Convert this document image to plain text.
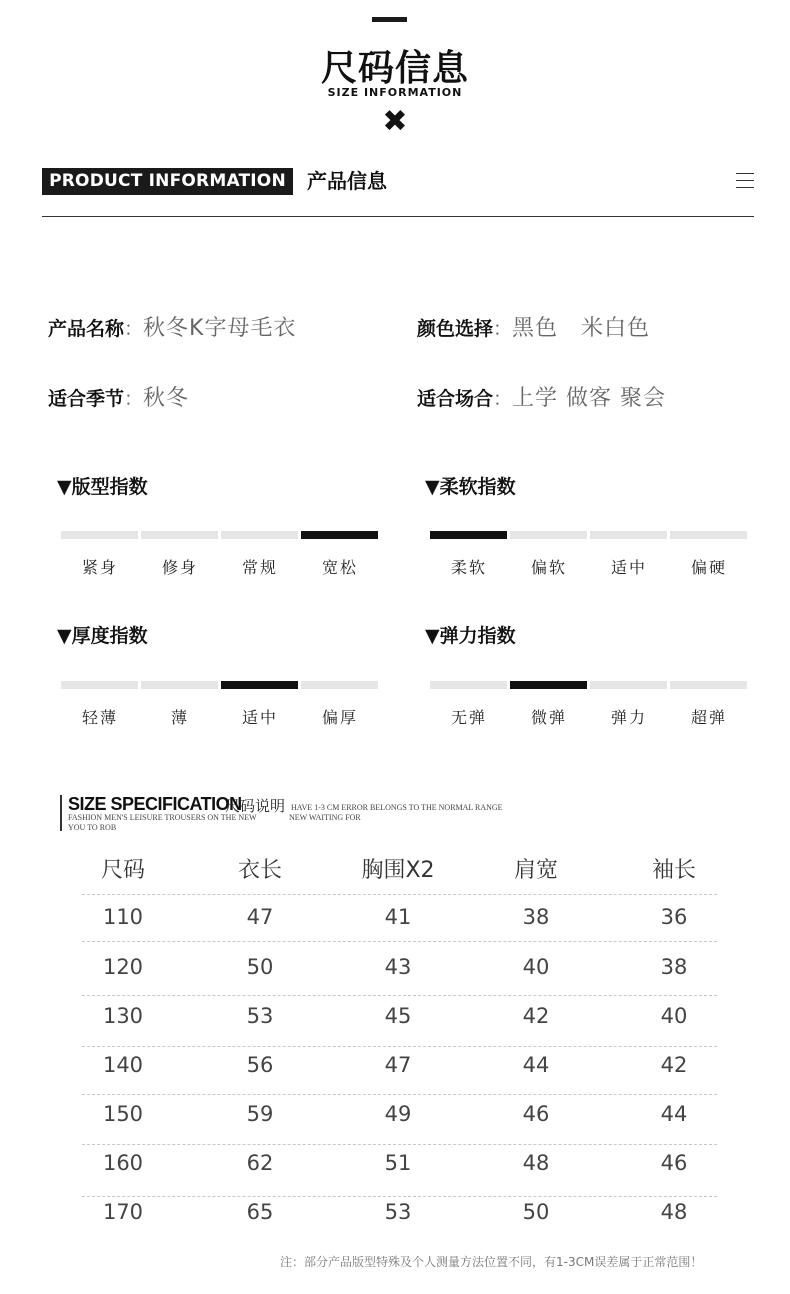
尺码信息
SIZE INFORMATION
✖
PRODUCT INFORMATION	产品信息
产品名称：秋冬K字母毛衣	颜色选择：黑色　米白色
适合季节：秋冬	适合场合：上学 做客 聚会
▼版型指数	▼柔软指数
▼厚度指数	▼弹力指数
紧身	修身	常规	宽松	柔软	偏软	适中	偏硬
轻薄	薄	适中	偏厚	无弹	微弹	弹力	超弹
SIZE SPECIFICATION
尺码说明 HAVE 1-3 CM ERROR BELONGS TO THE NORMAL RANGE
NEW WAITING FOR
FASHION MEN'S LEISURE TROUSERS ON THE NEW
YOU TO ROB
尺码	衣长	胸围X2	肩宽	袖长
110	47	41	38	36
120	50	43	40	38
130	53	45	42	40
140	56	47	44	42
150	59	49	46	44
160	62	51	48	46
170	65	53	50	48
注：部分产品版型特殊及个人测量方法位置不同，有1-3CM误差属于正常范围！
